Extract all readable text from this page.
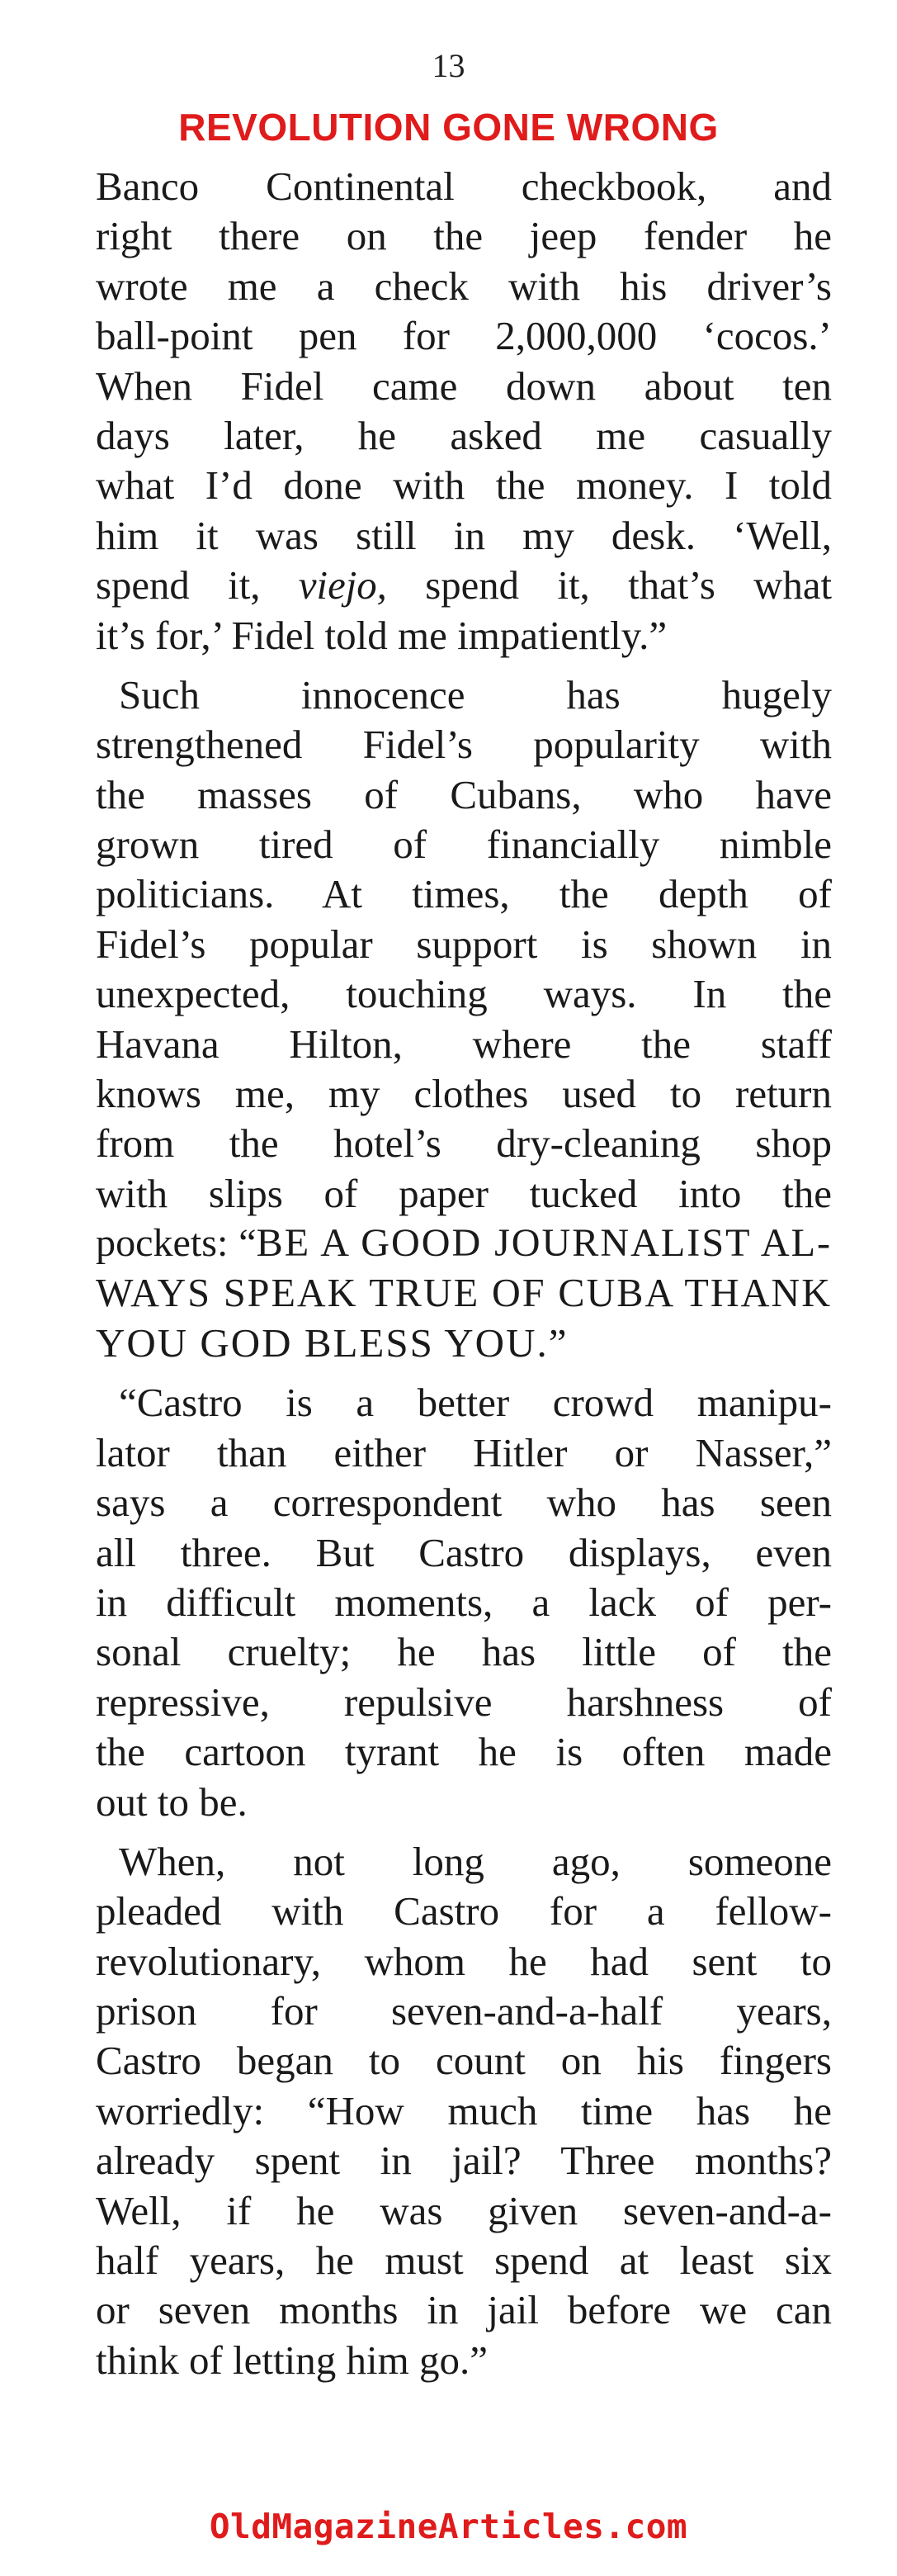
13
REVOLUTION GONE WRONG
Banco Continental checkbook, and
right there on the jeep fender he
wrote me a check with his driver’s
ball-point pen for 2,000,000 ‘cocos.’
When Fidel came down about ten
days later, he asked me casually
what I’d done with the money. I told
him it was still in my desk. ‘Well,
spend it, viejo, spend it, that’s what
it’s for,’ Fidel told me impatiently.”
Such innocence has hugely
strengthened Fidel’s popularity with
the masses of Cubans, who have
grown tired of financially nimble
politicians. At times, the depth of
Fidel’s popular support is shown in
unexpected, touching ways. In the
Havana Hilton, where the staff
knows me, my clothes used to return
from the hotel’s dry-cleaning shop
with slips of paper tucked into the
pockets: “BE A GOOD JOURNALIST AL-
WAYS SPEAK TRUE OF CUBA THANK
YOU GOD BLESS YOU.”
“Castro is a better crowd manipu-
lator than either Hitler or Nasser,”
says a correspondent who has seen
all three. But Castro displays, even
in difficult moments, a lack of per-
sonal cruelty; he has little of the
repressive, repulsive harshness of
the cartoon tyrant he is often made
out to be.
When, not long ago, someone
pleaded with Castro for a fellow-
revolutionary, whom he had sent to
prison for seven-and-a-half years,
Castro began to count on his fingers
worriedly: “How much time has he
already spent in jail? Three months?
Well, if he was given seven-and-a-
half years, he must spend at least six
or seven months in jail before we can
think of letting him go.”
OldMagazineArticles.com
